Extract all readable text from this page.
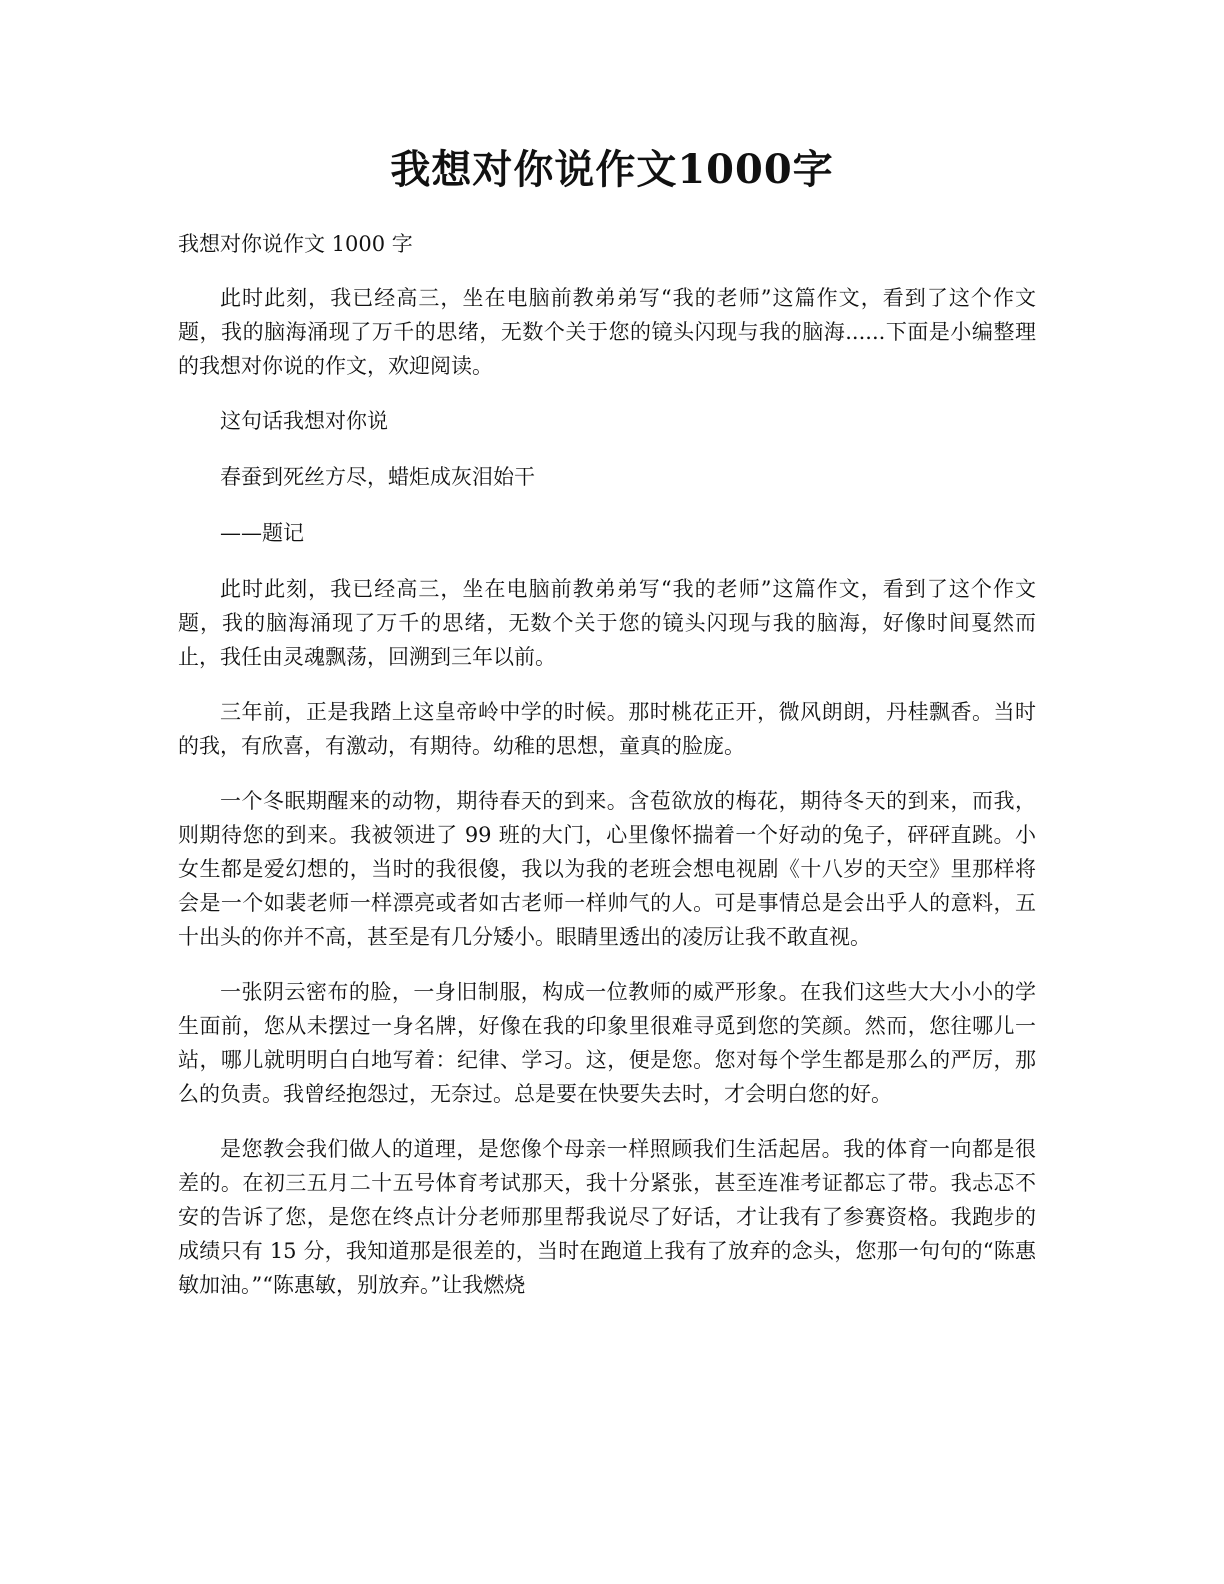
我想对你说作文1000字

我想对你说作文 1000 字

此时此刻，我已经高三，坐在电脑前教弟弟写“我的老师”这篇作文，看到了这个作文题，我的脑海涌现了万千的思绪，无数个关于您的镜头闪现与我的脑海......下面是小编整理的我想对你说的作文，欢迎阅读。

这句话我想对你说

春蚕到死丝方尽，蜡炬成灰泪始干

——题记

此时此刻，我已经高三，坐在电脑前教弟弟写“我的老师”这篇作文，看到了这个作文题，我的脑海涌现了万千的思绪，无数个关于您的镜头闪现与我的脑海，好像时间戛然而止，我任由灵魂飘荡，回溯到三年以前。

三年前，正是我踏上这皇帝岭中学的时候。那时桃花正开，微风朗朗，丹桂飘香。当时的我，有欣喜，有激动，有期待。幼稚的思想，童真的脸庞。

一个冬眠期醒来的动物，期待春天的到来。含苞欲放的梅花，期待冬天的到来，而我，则期待您的到来。我被领进了 99 班的大门，心里像怀揣着一个好动的兔子，砰砰直跳。小女生都是爱幻想的，当时的我很傻，我以为我的老班会想电视剧《十八岁的天空》里那样将会是一个如裴老师一样漂亮或者如古老师一样帅气的人。可是事情总是会出乎人的意料，五十出头的你并不高，甚至是有几分矮小。眼睛里透出的凌厉让我不敢直视。

一张阴云密布的脸，一身旧制服，构成一位教师的威严形象。在我们这些大大小小的学生面前，您从未摆过一身名牌，好像在我的印象里很难寻觅到您的笑颜。然而，您往哪儿一站，哪儿就明明白白地写着：纪律、学习。这，便是您。您对每个学生都是那么的严厉，那么的负责。我曾经抱怨过，无奈过。总是要在快要失去时，才会明白您的好。

是您教会我们做人的道理，是您像个母亲一样照顾我们生活起居。我的体育一向都是很差的。在初三五月二十五号体育考试那天，我十分紧张，甚至连准考证都忘了带。我忐忑不安的告诉了您，是您在终点计分老师那里帮我说尽了好话，才让我有了参赛资格。我跑步的成绩只有 15 分，我知道那是很差的，当时在跑道上我有了放弃的念头，您那一句句的“陈惠敏加油。”“陈惠敏，别放弃。”让我燃烧
